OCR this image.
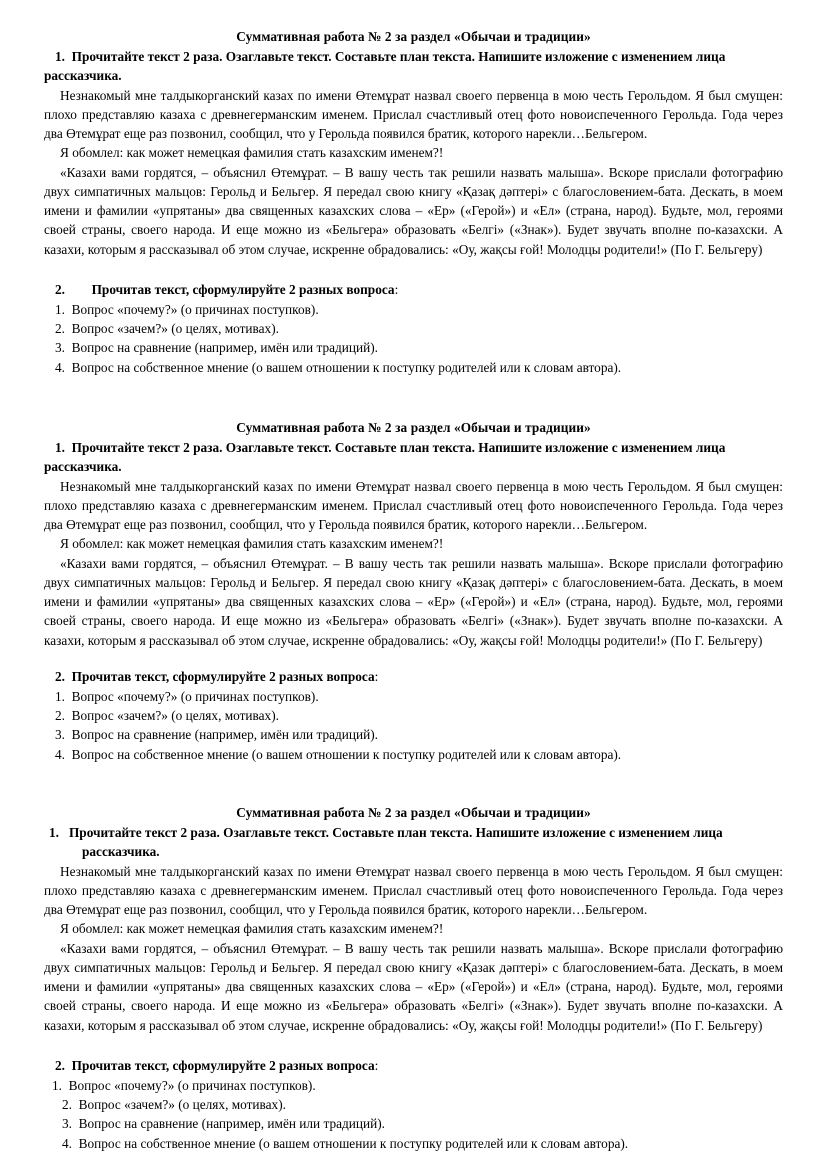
Суммативная работа № 2 за раздел «Обычаи и традиции»
1. Прочитайте текст 2 раза. Озаглавьте текст. Составьте план текста. Напишите изложение с изменением лица рассказчика.

Незнакомый мне талдыкорганский казах по имени Өтемұрат назвал своего первенца в мою честь Герольдом. Я был смущен: плохо представляю казаха с древнегерманским именем. Прислал счастливый отец фото новоиспеченного Герольда. Года через два Өтемұрат еще раз позвонил, сообщил, что у Герольда появился братик, которого нарекли…Бельгером.

Я обомлел: как может немецкая фамилия стать казахским именем?!

«Казахи вами гордятся, – объяснил Өтемұрат. – В вашу честь так решили назвать малыша». Вскоре прислали фотографию двух симпатичных мальцов: Герольд и Бельгер. Я передал свою книгу «Қазақ дәптері» с благословением-бата. Дескать, в моем имени и фамилии «упрятаны» два священных казахских слова – «Ер» («Герой») и «Ел» (страна, народ). Будьте, мол, героями своей страны, своего народа. И еще можно из «Бельгера» образовать «Белгі» («Знак»). Будет звучать вполне по-казахски. А казахи, которым я рассказывал об этом случае, искренне обрадовались: «Оу, жақсы ғой! Молодцы родители!» (По Г. Бельгеру)

2. Прочитав текст, сформулируйте 2 разных вопроса:
1.  Вопрос «почему?» (о причинах поступков).
2.  Вопрос «зачем?» (о целях, мотивах).
3.  Вопрос на сравнение (например, имён или традиций).
4.  Вопрос на собственное мнение (о вашем отношении к поступку родителей или к словам автора).
Суммативная работа № 2 за раздел «Обычаи и традиции»
1. Прочитайте текст 2 раза. Озаглавьте текст. Составьте план текста. Напишите изложение с изменением лица рассказчика.

Незнакомый мне талдыкорганский казах по имени Өтемұрат назвал своего первенца в мою честь Герольдом. Я был смущен: плохо представляю казаха с древнегерманским именем. Прислал счастливый отец фото новоиспеченного Герольда. Года через два Өтемұрат еще раз позвонил, сообщил, что у Герольда появился братик, которого нарекли…Бельгером.

Я обомлел: как может немецкая фамилия стать казахским именем?!

«Казахи вами гордятся, – объяснил Өтемұрат. – В вашу честь так решили назвать малыша». Вскоре прислали фотографию двух симпатичных мальцов: Герольд и Бельгер. Я передал свою книгу «Қазақ дәптері» с благословением-бата. Дескать, в моем имени и фамилии «упрятаны» два священных казахских слова – «Ер» («Герой») и «Ел» (страна, народ). Будьте, мол, героями своей страны, своего народа. И еще можно из «Бельгера» образовать «Белгі» («Знак»). Будет звучать вполне по-казахски. А казахи, которым я рассказывал об этом случае, искренне обрадовались: «Оу, жақсы ғой! Молодцы родители!» (По Г. Бельгеру)

2. Прочитав текст, сформулируйте 2 разных вопроса:
1.  Вопрос «почему?» (о причинах поступков).
2.  Вопрос «зачем?» (о целях, мотивах).
3.  Вопрос на сравнение (например, имён или традиций).
4.  Вопрос на собственное мнение (о вашем отношении к поступку родителей или к словам автора).
Суммативная работа № 2 за раздел «Обычаи и традиции»
1. Прочитайте текст 2 раза. Озаглавьте текст. Составьте план текста. Напишите изложение с изменением лица рассказчика.

Незнакомый мне талдыкорганский казах по имени Өтемұрат назвал своего первенца в мою честь Герольдом. Я был смущен: плохо представляю казаха с древнегерманским именем. Прислал счастливый отец фото новоиспеченного Герольда. Года через два Өтемұрат еще раз позвонил, сообщил, что у Герольда появился братик, которого нарекли…Бельгером.

Я обомлел: как может немецкая фамилия стать казахским именем?!

«Казахи вами гордятся, – объяснил Өтемұрат. – В вашу честь так решили назвать малыша». Вскоре прислали фотографию двух симпатичных мальцов: Герольд и Бельгер. Я передал свою книгу «Қазак дәптері» с благословением-бата. Дескать, в моем имени и фамилии «упрятаны» два священных казахских слова – «Ер» («Герой») и «Ел» (страна, народ). Будьте, мол, героями своей страны, своего народа. И еще можно из «Бельгера» образовать «Белгі» («Знак»). Будет звучать вполне по-казахски. А казахи, которым я рассказывал об этом случае, искренне обрадовались: «Оу, жақсы ғой! Молодцы родители!» (По Г. Бельгеру)

2. Прочитав текст, сформулируйте 2 разных вопроса:
1.  Вопрос «почему?» (о причинах поступков).
2.  Вопрос «зачем?» (о целях, мотивах).
3.  Вопрос на сравнение (например, имён или традиций).
4.  Вопрос на собственное мнение (о вашем отношении к поступку родителей или к словам автора).
